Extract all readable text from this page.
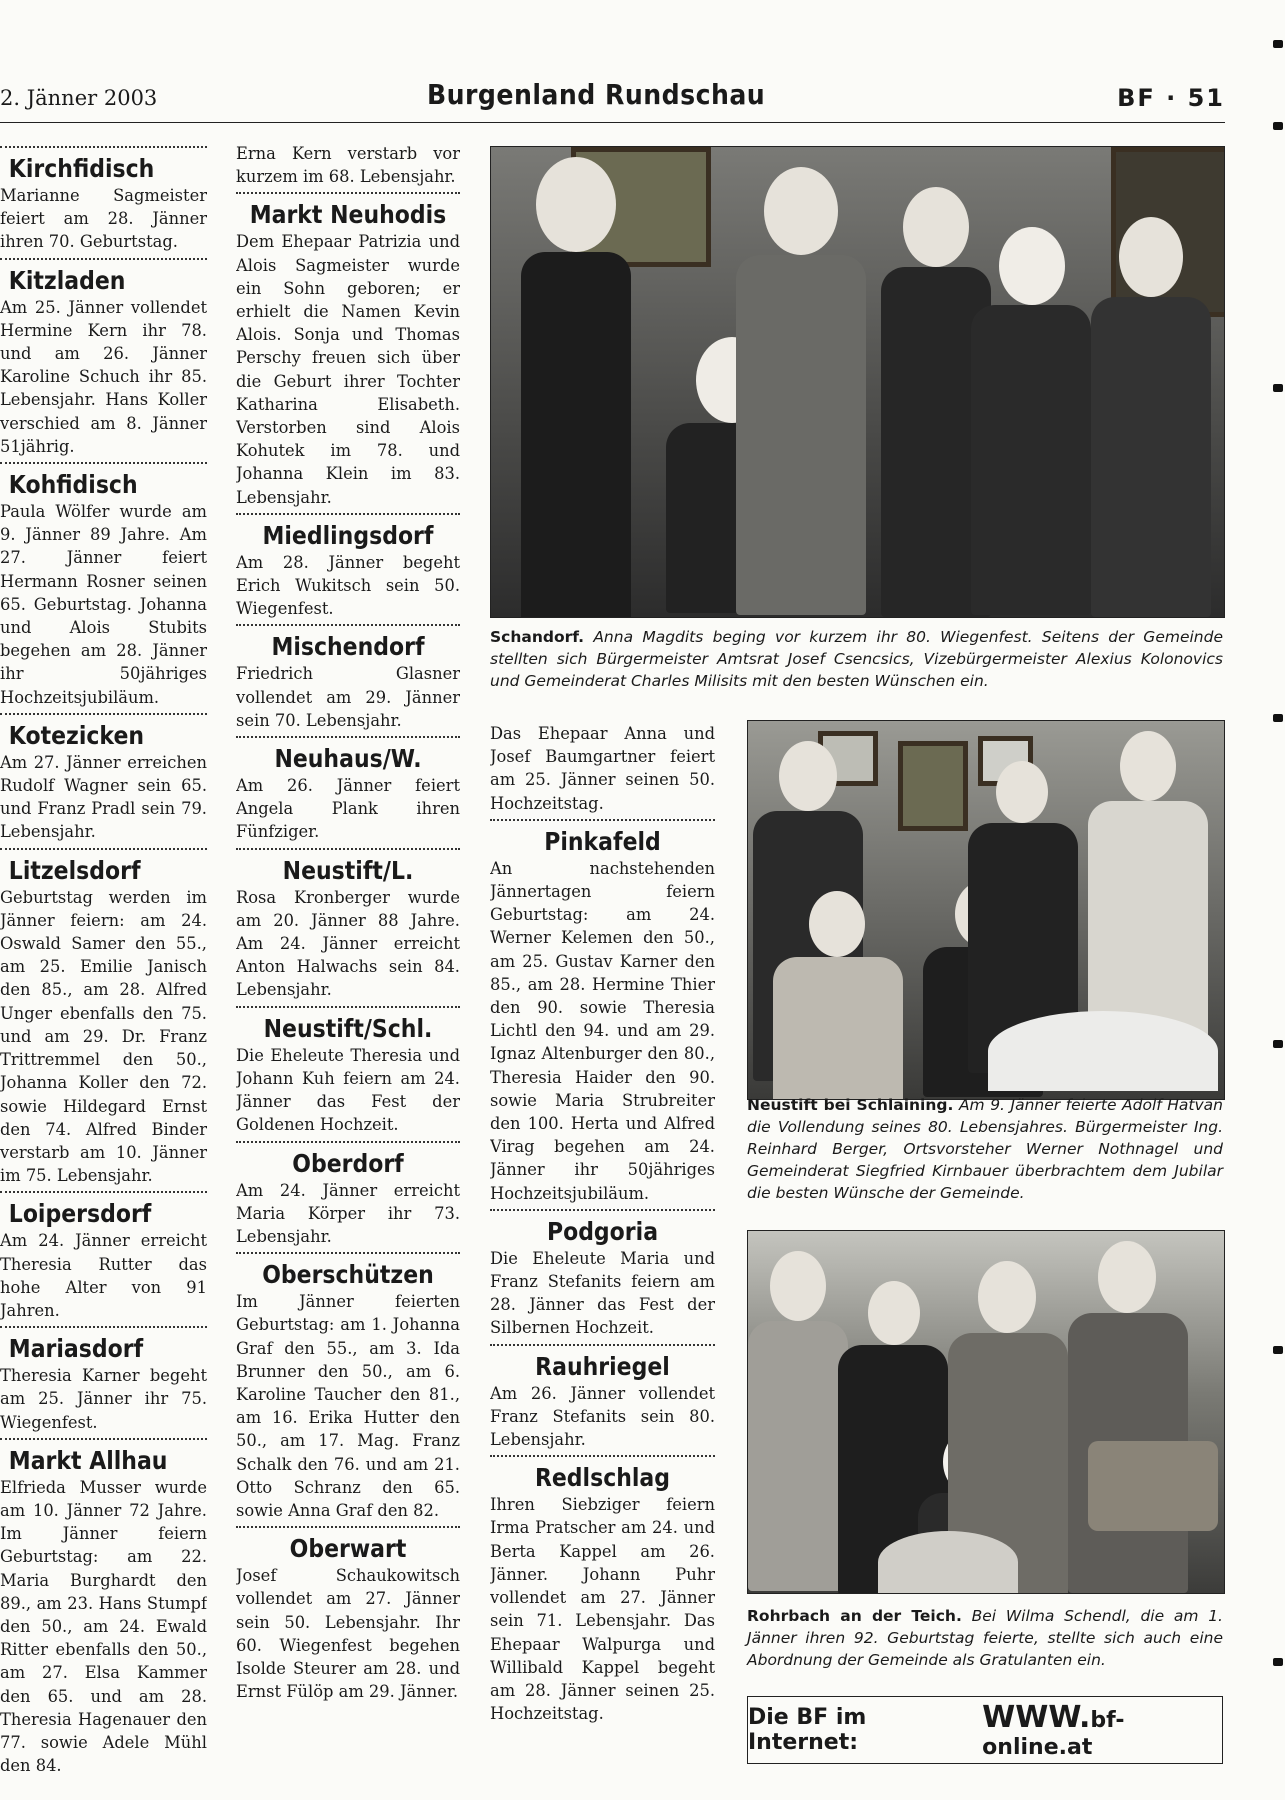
2. Jänner 2003	Burgenland Rundschau	BF · 51
Kirchfidisch
Marianne Sagmeister feiert am 28. Jänner ihren 70. Geburtstag.
Kitzladen
Am 25. Jänner vollendet Hermine Kern ihr 78. und am 26. Jänner Karoline Schuch ihr 85. Lebensjahr. Hans Koller verschied am 8. Jänner 51jährig.
Kohfidisch
Paula Wölfer wurde am 9. Jänner 89 Jahre. Am 27. Jänner feiert Hermann Rosner seinen 65. Geburtstag. Johanna und Alois Stubits begehen am 28. Jänner ihr 50jähriges Hochzeitsjubiläum.
Kotezicken
Am 27. Jänner erreichen Rudolf Wagner sein 65. und Franz Pradl sein 79. Lebensjahr.
Litzelsdorf
Geburtstag werden im Jänner feiern: am 24. Oswald Samer den 55., am 25. Emilie Janisch den 85., am 28. Alfred Unger ebenfalls den 75. und am 29. Dr. Franz Trittremmel den 50., Johanna Koller den 72. sowie Hildegard Ernst den 74. Alfred Binder verstarb am 10. Jänner im 75. Lebensjahr.
Loipersdorf
Am 24. Jänner erreicht Theresia Rutter das hohe Alter von 91 Jahren.
Mariasdorf
Theresia Karner begeht am 25. Jänner ihr 75. Wiegenfest.
Markt Allhau
Elfrieda Musser wurde am 10. Jänner 72 Jahre. Im Jänner feiern Geburtstag: am 22. Maria Burghardt den 89., am 23. Hans Stumpf den 50., am 24. Ewald Ritter ebenfalls den 50., am 27. Elsa Kammer den 65. und am 28. Theresia Hagenauer den 77. sowie Adele Mühl den 84.
Erna Kern verstarb vor kurzem im 68. Lebensjahr.
Markt Neuhodis
Dem Ehepaar Patrizia und Alois Sagmeister wurde ein Sohn geboren; er erhielt die Namen Kevin Alois. Sonja und Thomas Perschy freuen sich über die Geburt ihrer Tochter Katharina Elisabeth. Verstorben sind Alois Kohutek im 78. und Johanna Klein im 83. Lebensjahr.
Miedlingsdorf
Am 28. Jänner begeht Erich Wukitsch sein 50. Wiegenfest.
Mischendorf
Friedrich Glasner vollendet am 29. Jänner sein 70. Lebensjahr.
Neuhaus/W.
Am 26. Jänner feiert Angela Plank ihren Fünfziger.
Neustift/L.
Rosa Kronberger wurde am 20. Jänner 88 Jahre. Am 24. Jänner erreicht Anton Halwachs sein 84. Lebensjahr.
Neustift/Schl.
Die Eheleute Theresia und Johann Kuh feiern am 24. Jänner das Fest der Goldenen Hochzeit.
Oberdorf
Am 24. Jänner erreicht Maria Körper ihr 73. Lebensjahr.
Oberschützen
Im Jänner feierten Geburtstag: am 1. Johanna Graf den 55., am 3. Ida Brunner den 50., am 6. Karoline Taucher den 81., am 16. Erika Hutter den 50., am 17. Mag. Franz Schalk den 76. und am 21. Otto Schranz den 65. sowie Anna Graf den 82.
Oberwart
Josef Schaukowitsch vollendet am 27. Jänner sein 50. Lebensjahr. Ihr 60. Wiegenfest begehen Isolde Steurer am 28. und Ernst Fülöp am 29. Jänner.
Das Ehepaar Anna und Josef Baumgartner feiert am 25. Jänner seinen 50. Hochzeitstag.
Pinkafeld
An nachstehenden Jännertagen feiern Geburtstag: am 24. Werner Kelemen den 50., am 25. Gustav Karner den 85., am 28. Hermine Thier den 90. sowie Theresia Lichtl den 94. und am 29. Ignaz Altenburger den 80., Theresia Haider den 90. sowie Maria Strubreiter den 100. Herta und Alfred Virag begehen am 24. Jänner ihr 50jähriges Hochzeitsjubiläum.
Podgoria
Die Eheleute Maria und Franz Stefanits feiern am 28. Jänner das Fest der Silbernen Hochzeit.
Rauhriegel
Am 26. Jänner vollendet Franz Stefanits sein 80. Lebensjahr.
Redlschlag
Ihren Siebziger feiern Irma Pratscher am 24. und Berta Kappel am 26. Jänner. Johann Puhr vollendet am 27. Jänner sein 71. Lebensjahr. Das Ehepaar Walpurga und Willibald Kappel begeht am 28. Jänner seinen 25. Hochzeitstag.
Schandorf. Anna Magdits beging vor kurzem ihr 80. Wiegenfest. Seitens der Gemeinde stellten sich Bürgermeister Amtsrat Josef Csencsics, Vizebürgermeister Alexius Kolonovics und Gemeinderat Charles Milisits mit den besten Wünschen ein.
Neustift bei Schlaining. Am 9. Jänner feierte Adolf Hatvan die Vollendung seines 80. Lebensjahres. Bürgermeister Ing. Reinhard Berger, Ortsvorsteher Werner Nothnagel und Gemeinderat Siegfried Kirnbauer überbrachtem dem Jubilar die besten Wünsche der Gemeinde.
Rohrbach an der Teich. Bei Wilma Schendl, die am 1. Jänner ihren 92. Geburtstag feierte, stellte sich auch eine Abordnung der Gemeinde als Gratulanten ein.
Die BF im Internet:
WWW.bf-online.at
